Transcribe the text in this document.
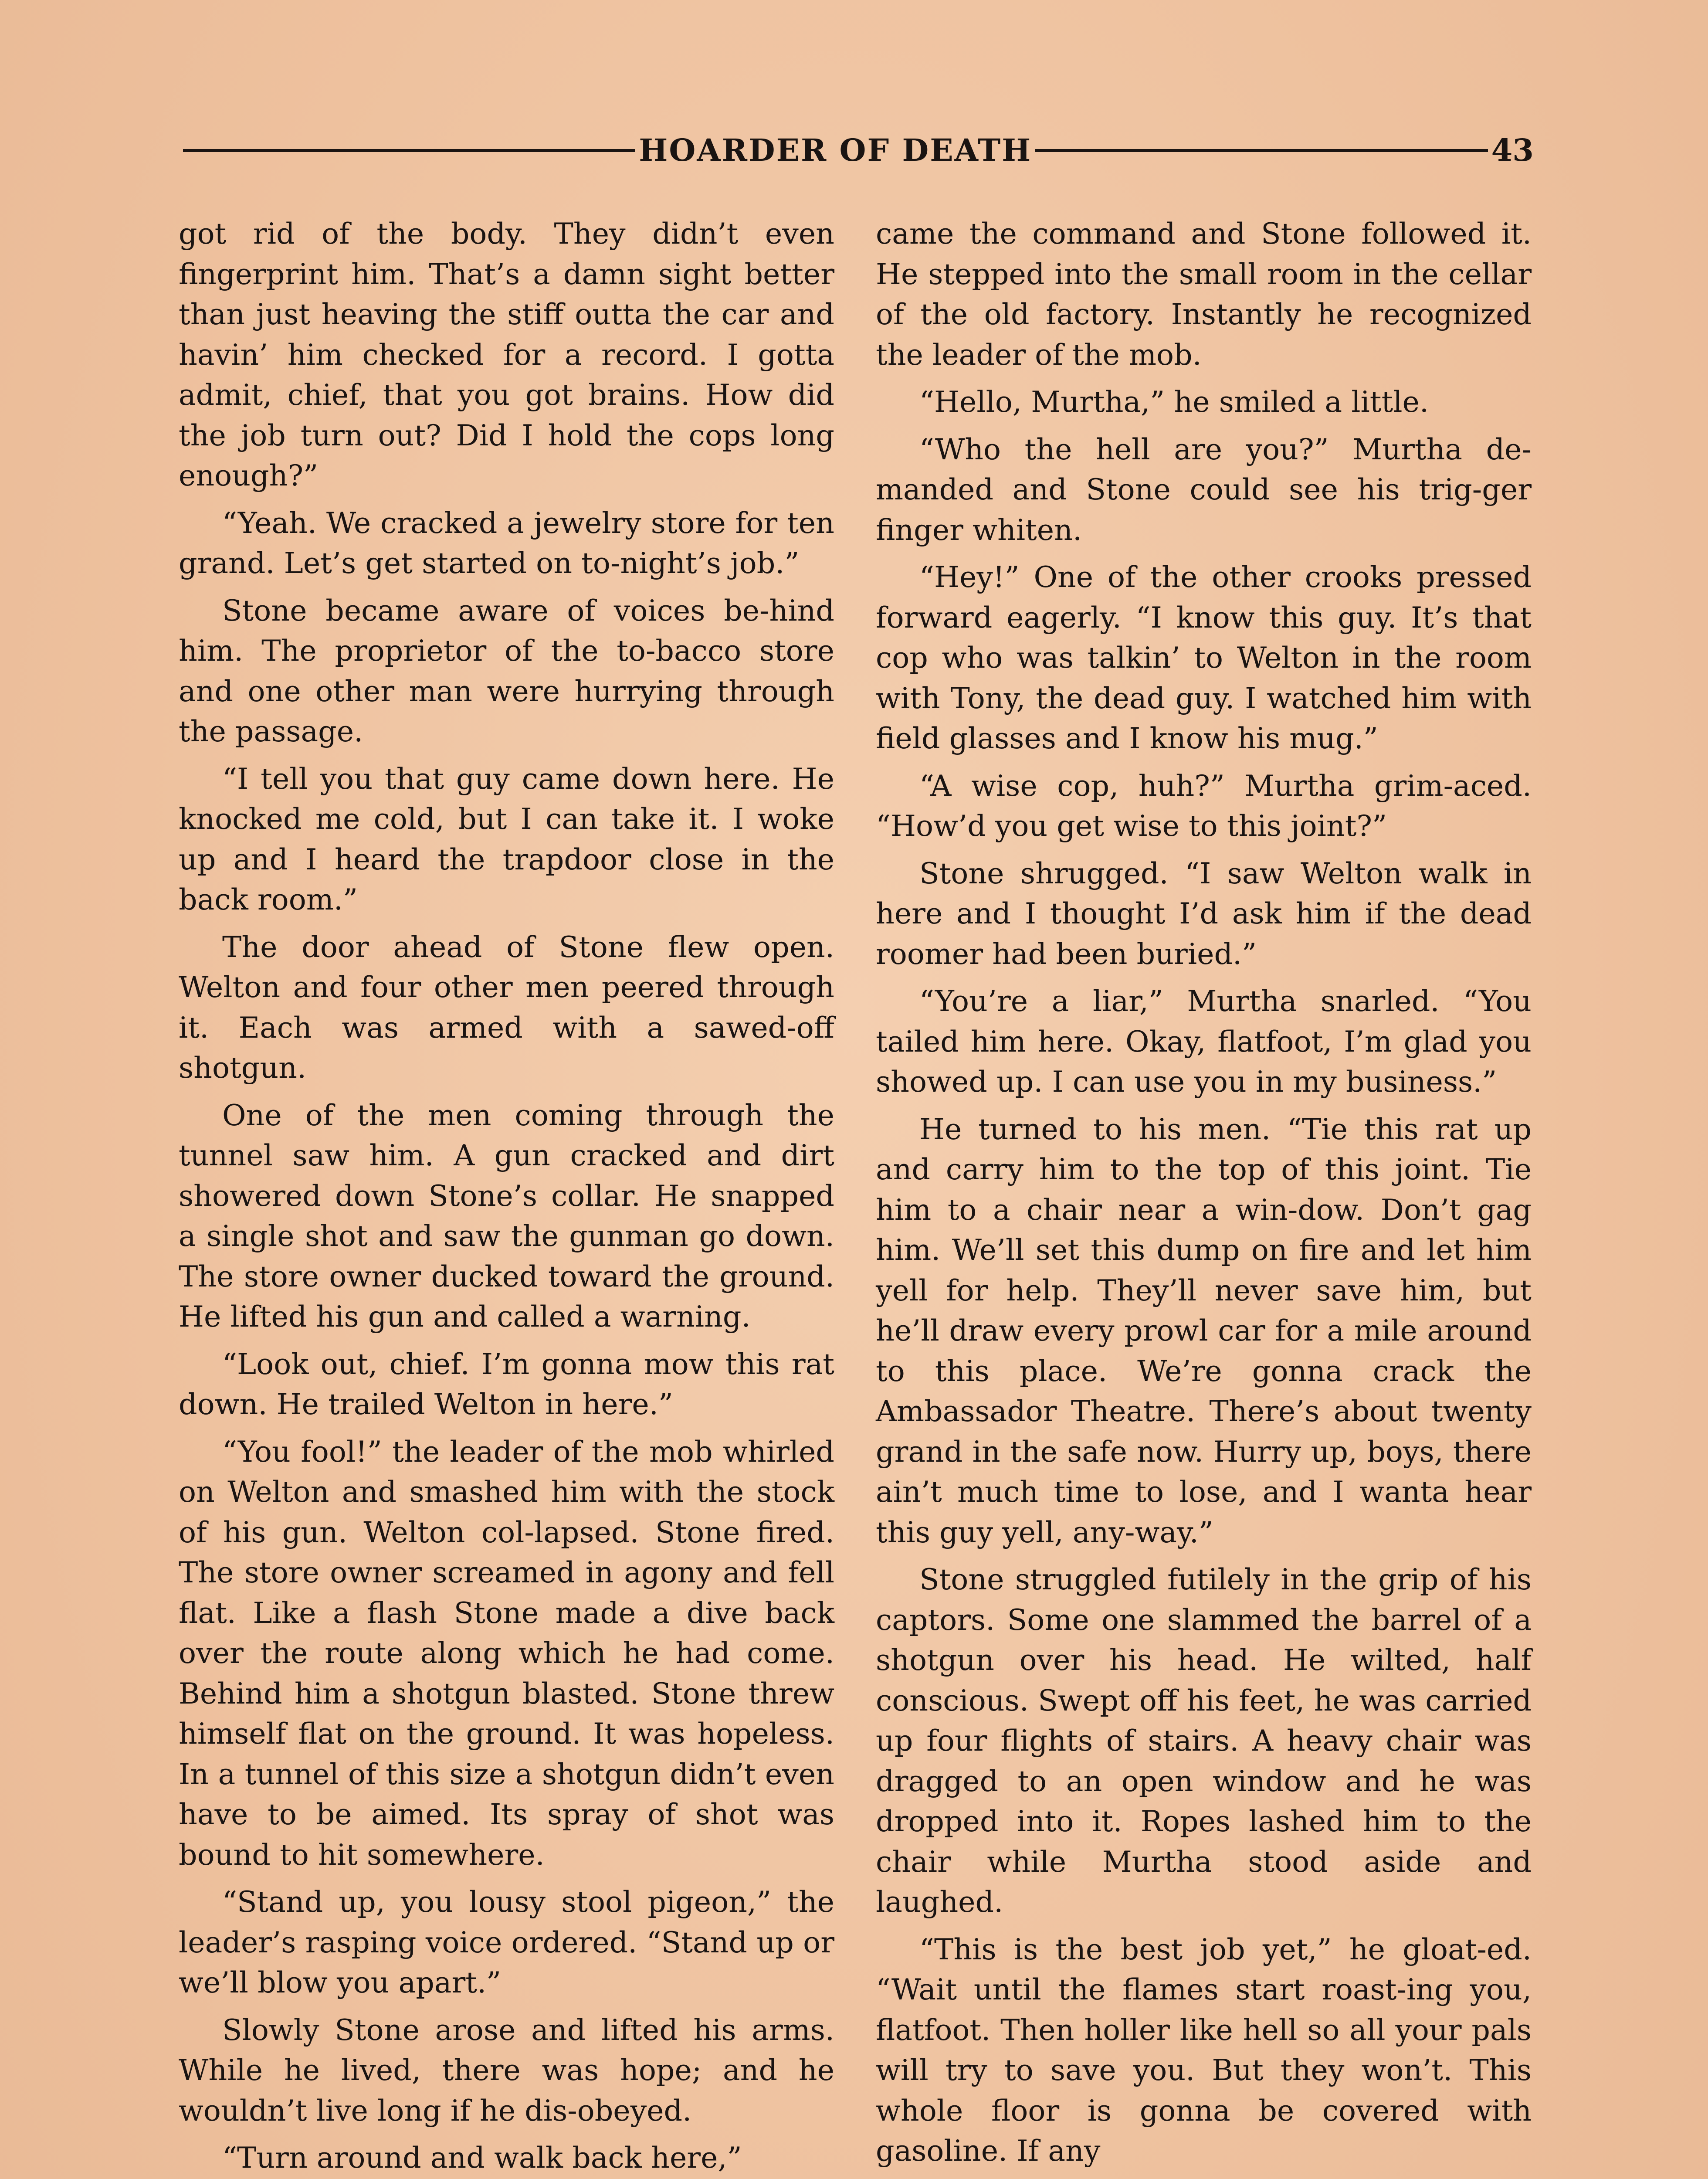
HOARDER OF DEATH	43

got rid of the body. They didn’t even fingerprint him. That’s a damn sight better than just heaving the stiff outta the car and havin’ him checked for a record. I gotta admit, chief, that you got brains. How did the job turn out? Did I hold the cops long enough?”

“Yeah. We cracked a jewelry store for ten grand. Let’s get started on to-night’s job.”

Stone became aware of voices be-hind him. The proprietor of the to-bacco store and one other man were hurrying through the passage.

“I tell you that guy came down here. He knocked me cold, but I can take it. I woke up and I heard the trapdoor close in the back room.”

The door ahead of Stone flew open. Welton and four other men peered through it. Each was armed with a sawed-off shotgun.

One of the men coming through the tunnel saw him. A gun cracked and dirt showered down Stone’s collar. He snapped a single shot and saw the gunman go down. The store owner ducked toward the ground. He lifted his gun and called a warning.

“Look out, chief. I’m gonna mow this rat down. He trailed Welton in here.”

“You fool!” the leader of the mob whirled on Welton and smashed him with the stock of his gun. Welton col-lapsed. Stone fired. The store owner screamed in agony and fell flat. Like a flash Stone made a dive back over the route along which he had come. Behind him a shotgun blasted. Stone threw himself flat on the ground. It was hopeless. In a tunnel of this size a shotgun didn’t even have to be aimed. Its spray of shot was bound to hit somewhere.

“Stand up, you lousy stool pigeon,” the leader’s rasping voice ordered. “Stand up or we’ll blow you apart.”

Slowly Stone arose and lifted his arms. While he lived, there was hope; and he wouldn’t live long if he dis-obeyed.

“Turn around and walk back here,”

came the command and Stone followed it. He stepped into the small room in the cellar of the old factory. Instantly he recognized the leader of the mob.

“Hello, Murtha,” he smiled a little.

“Who the hell are you?” Murtha de-manded and Stone could see his trig-ger finger whiten.

“Hey!” One of the other crooks pressed forward eagerly. “I know this guy. It’s that cop who was talkin’ to Welton in the room with Tony, the dead guy. I watched him with field glasses and I know his mug.”

“A wise cop, huh?” Murtha grim-aced. “How’d you get wise to this joint?”

Stone shrugged. “I saw Welton walk in here and I thought I’d ask him if the dead roomer had been buried.”

“You’re a liar,” Murtha snarled. “You tailed him here. Okay, flatfoot, I’m glad you showed up. I can use you in my business.”

He turned to his men. “Tie this rat up and carry him to the top of this joint. Tie him to a chair near a win-dow. Don’t gag him. We’ll set this dump on fire and let him yell for help. They’ll never save him, but he’ll draw every prowl car for a mile around to this place. We’re gonna crack the Ambassador Theatre. There’s about twenty grand in the safe now. Hurry up, boys, there ain’t much time to lose, and I wanta hear this guy yell, any-way.”

Stone struggled futilely in the grip of his captors. Some one slammed the barrel of a shotgun over his head. He wilted, half conscious. Swept off his feet, he was carried up four flights of stairs. A heavy chair was dragged to an open window and he was dropped into it. Ropes lashed him to the chair while Murtha stood aside and laughed.

“This is the best job yet,” he gloat-ed. “Wait until the flames start roast-ing you, flatfoot. Then holler like hell so all your pals will try to save you. But they won’t. This whole floor is gonna be covered with gasoline. If any
